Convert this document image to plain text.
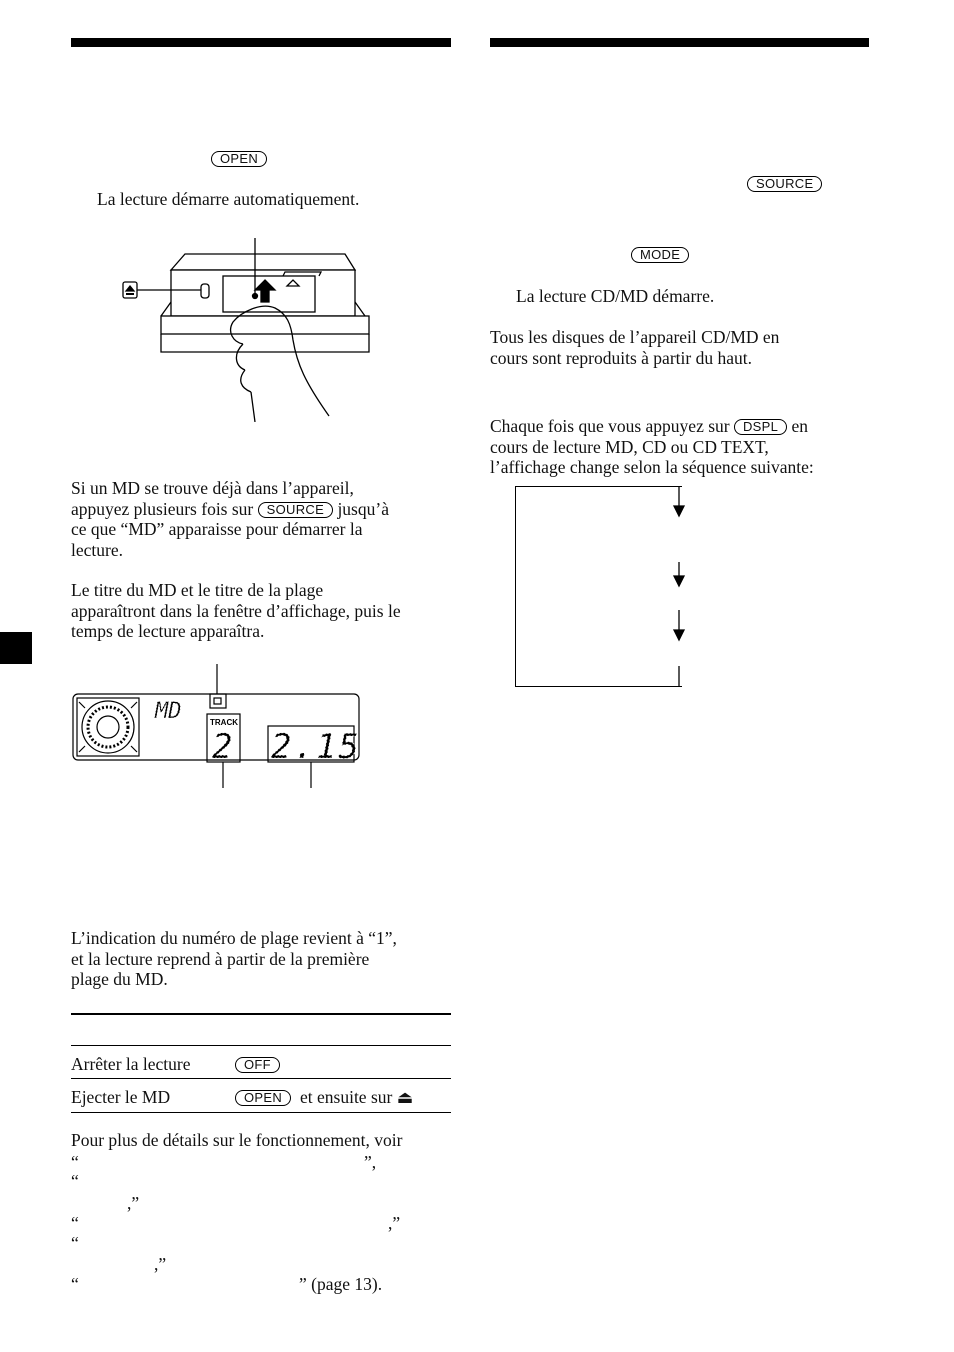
OPEN
La lecture démarre automatiquement.
Si un MD se trouve déjà dans l’appareil,
appuyez plusieurs fois sur SOURCE jusqu’à
ce que “MD” apparaisse pour démarrer la
lecture.
Le titre du MD et le titre de la plage
apparaîtront dans la fenêtre d’affichage, puis le
temps de lecture apparaîtra.
MD	TRACK
2 2.15
L’indication du numéro de plage revient à “1”,
et la lecture reprend à partir de la première
plage du MD.
Arrêter la lecture	OFF
Ejecter le MD	OPEN	et ensuite sur ⏏
Pour plus de détails sur le fonctionnement, voir
“	”,
“
,”
“	,”
“
,”
“	” (page 13).
SOURCE
MODE
La lecture CD/MD démarre.
Tous les disques de l’appareil CD/MD en
cours sont reproduits à partir du haut.
Chaque fois que vous appuyez sur DSPL en
cours de lecture MD, CD ou CD TEXT,
l’affichage change selon la séquence suivante:
